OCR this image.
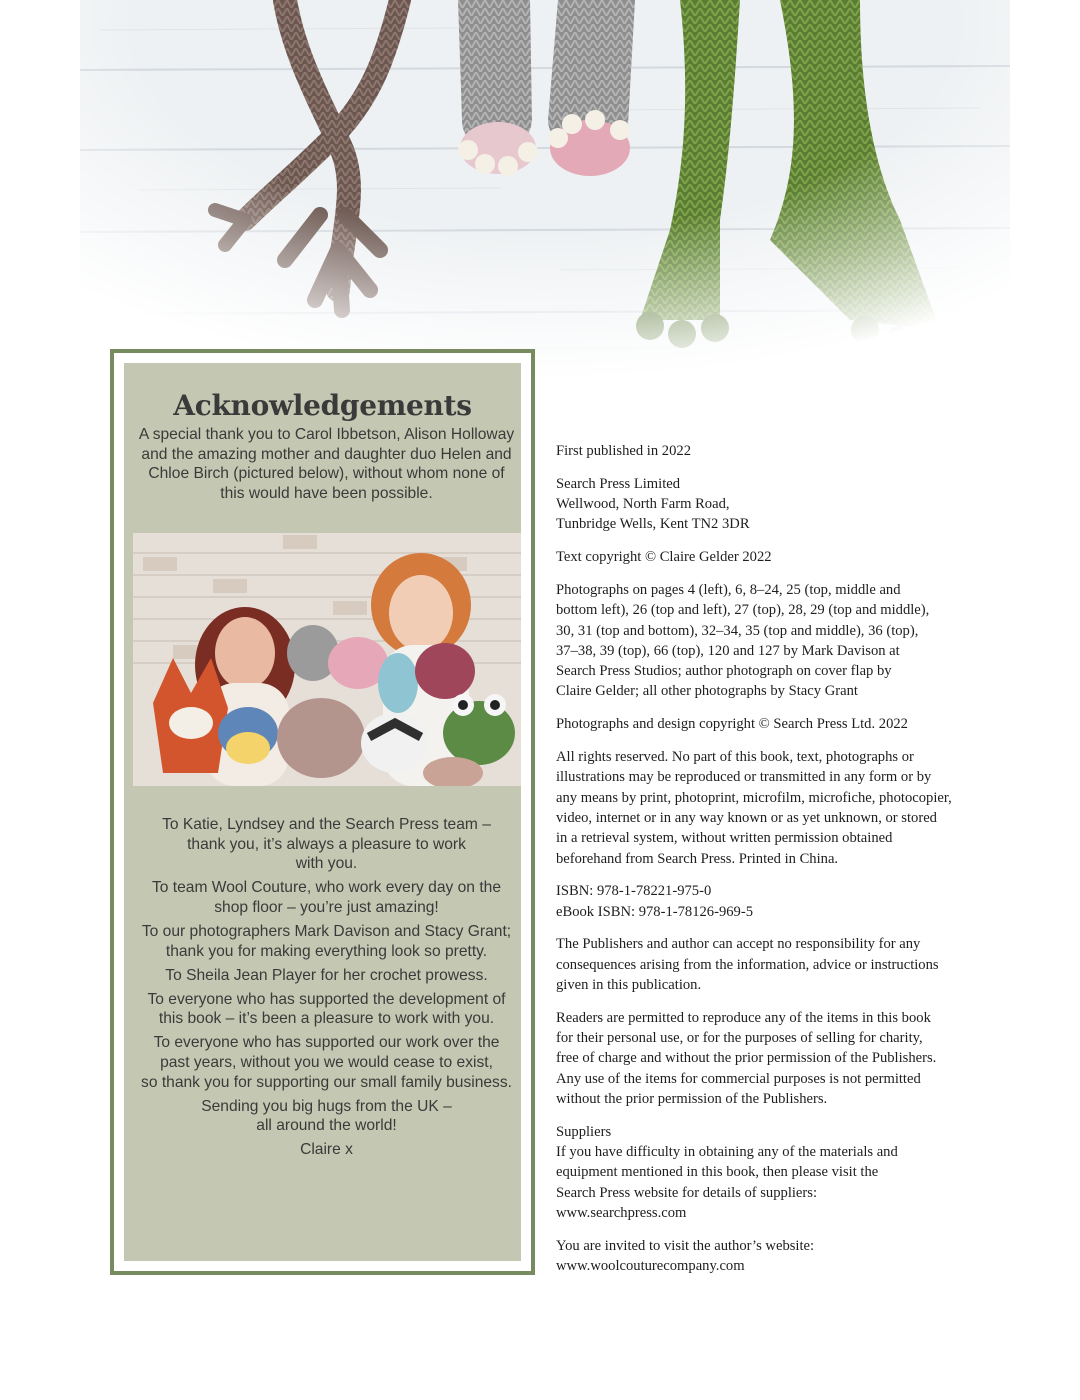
Acknowledgements
A special thank you to Carol Ibbetson, Alison Holloway
and the amazing mother and daughter duo Helen and
Chloe Birch (pictured below), without whom none of
this would have been possible.

To Katie, Lyndsey and the Search Press team –
thank you, it’s always a pleasure to work
with you.

To team Wool Couture, who work every day on the
shop floor – you’re just amazing!

To our photographers Mark Davison and Stacy Grant;
thank you for making everything look so pretty.

To Sheila Jean Player for her crochet prowess.

To everyone who has supported the development of
this book – it’s been a pleasure to work with you.

To everyone who has supported our work over the
past years, without you we would cease to exist,
so thank you for supporting our small family business.

Sending you big hugs from the UK –
all around the world!

Claire x

First published in 2022

Search Press Limited
Wellwood, North Farm Road,
Tunbridge Wells, Kent TN2 3DR

Text copyright © Claire Gelder 2022

Photographs on pages 4 (left), 6, 8–24, 25 (top, middle and
bottom left), 26 (top and left), 27 (top), 28, 29 (top and middle),
30, 31 (top and bottom), 32–34, 35 (top and middle), 36 (top),
37–38, 39 (top), 66 (top), 120 and 127 by Mark Davison at
Search Press Studios; author photograph on cover flap by
Claire Gelder; all other photographs by Stacy Grant

Photographs and design copyright © Search Press Ltd. 2022

All rights reserved. No part of this book, text, photographs or
illustrations may be reproduced or transmitted in any form or by
any means by print, photoprint, microfilm, microfiche, photocopier,
video, internet or in any way known or as yet unknown, or stored
in a retrieval system, without written permission obtained
beforehand from Search Press. Printed in China.

ISBN: 978-1-78221-975-0
eBook ISBN: 978-1-78126-969-5

The Publishers and author can accept no responsibility for any
consequences arising from the information, advice or instructions
given in this publication.

Readers are permitted to reproduce any of the items in this book
for their personal use, or for the purposes of selling for charity,
free of charge and without the prior permission of the Publishers.
Any use of the items for commercial purposes is not permitted
without the prior permission of the Publishers.

Suppliers
If you have difficulty in obtaining any of the materials and
equipment mentioned in this book, then please visit the
Search Press website for details of suppliers:
www.searchpress.com

You are invited to visit the author’s website:
www.woolcouturecompany.com
